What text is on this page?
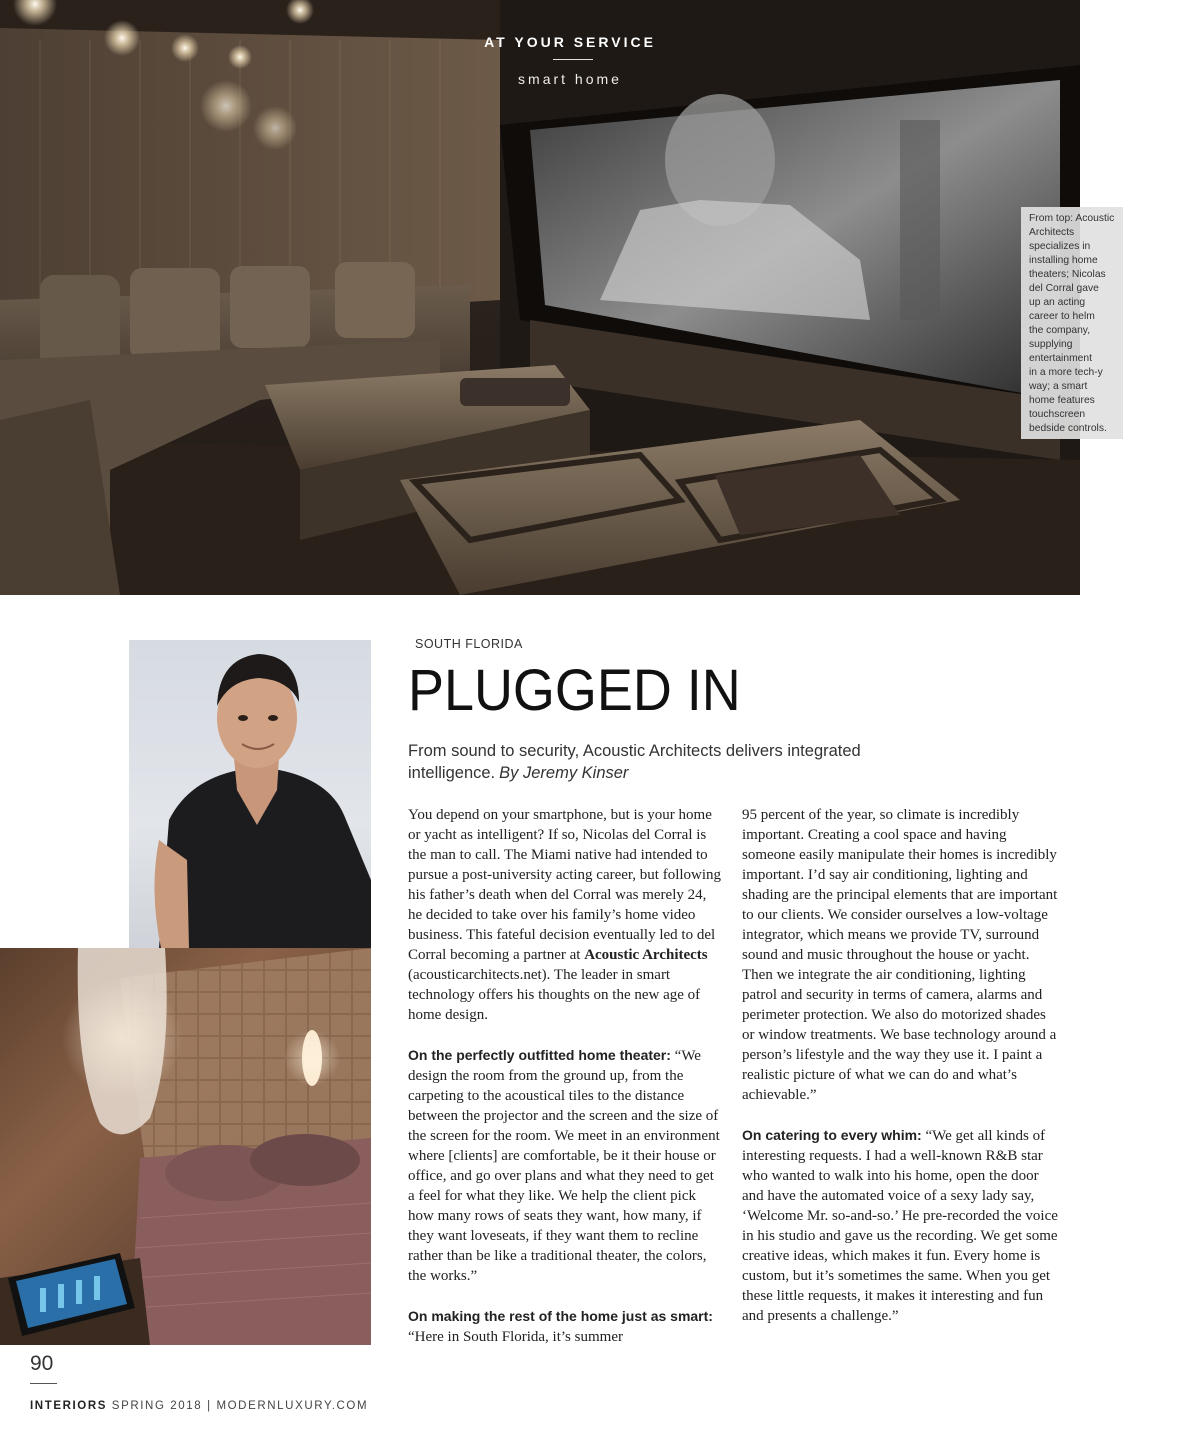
AT YOUR SERVICE
smart home
From top: Acoustic
Architects
specializes in
installing home
theaters; Nicolas
del Corral gave
up an acting
career to helm
the company,
supplying
entertainment
in a more tech-y
way; a smart
home features
touchscreen
bedside controls.
SOUTH FLORIDA
PLUGGED IN
From sound to security, Acoustic Architects delivers integrated intelligence. By Jeremy Kinser

You depend on your smartphone, but is your home or yacht as intelligent? If so, Nicolas del Corral is the man to call. The Miami native had intended to pursue a post-university acting career, but following his father’s death when del Corral was merely 24, he decided to take over his family’s home video business. This fateful decision eventually led to del Corral becoming a partner at Acoustic Architects (acousticarchitects.net). The leader in smart technology offers his thoughts on the new age of home design.

On the perfectly outfitted home theater: “We design the room from the ground up, from the carpeting to the acoustical tiles to the distance between the projector and the screen and the size of the screen for the room. We meet in an environment where [clients] are comfortable, be it their house or office, and go over plans and what they need to get a feel for what they like. We help the client pick how many rows of seats they want, how many, if they want loveseats, if they want them to recline rather than be like a traditional theater, the colors, the works.”

On making the rest of the home just as smart: “Here in South Florida, it’s summer

95 percent of the year, so climate is incredibly important. Creating a cool space and having someone easily manipulate their homes is incredibly important. I’d say air conditioning, lighting and shading are the principal elements that are important to our clients. We consider ourselves a low-voltage integrator, which means we provide TV, surround sound and music throughout the house or yacht. Then we integrate the air conditioning, lighting patrol and security in terms of camera, alarms and perimeter protection. We also do motorized shades or window treatments. We base technology around a person’s lifestyle and the way they use it. I paint a realistic picture of what we can do and what’s achievable.”

On catering to every whim: “We get all kinds of interesting requests. I had a well-known R&B star who wanted to walk into his home, open the door and have the automated voice of a sexy lady say, ‘Welcome Mr. so-and-so.’ He pre-recorded the voice in his studio and gave us the recording. We get some creative ideas, which makes it fun. Every home is custom, but it’s sometimes the same. When you get these little requests, it makes it interesting and fun and presents a challenge.”

90
INTERIORS SPRING 2018 | MODERNLUXURY.COM
